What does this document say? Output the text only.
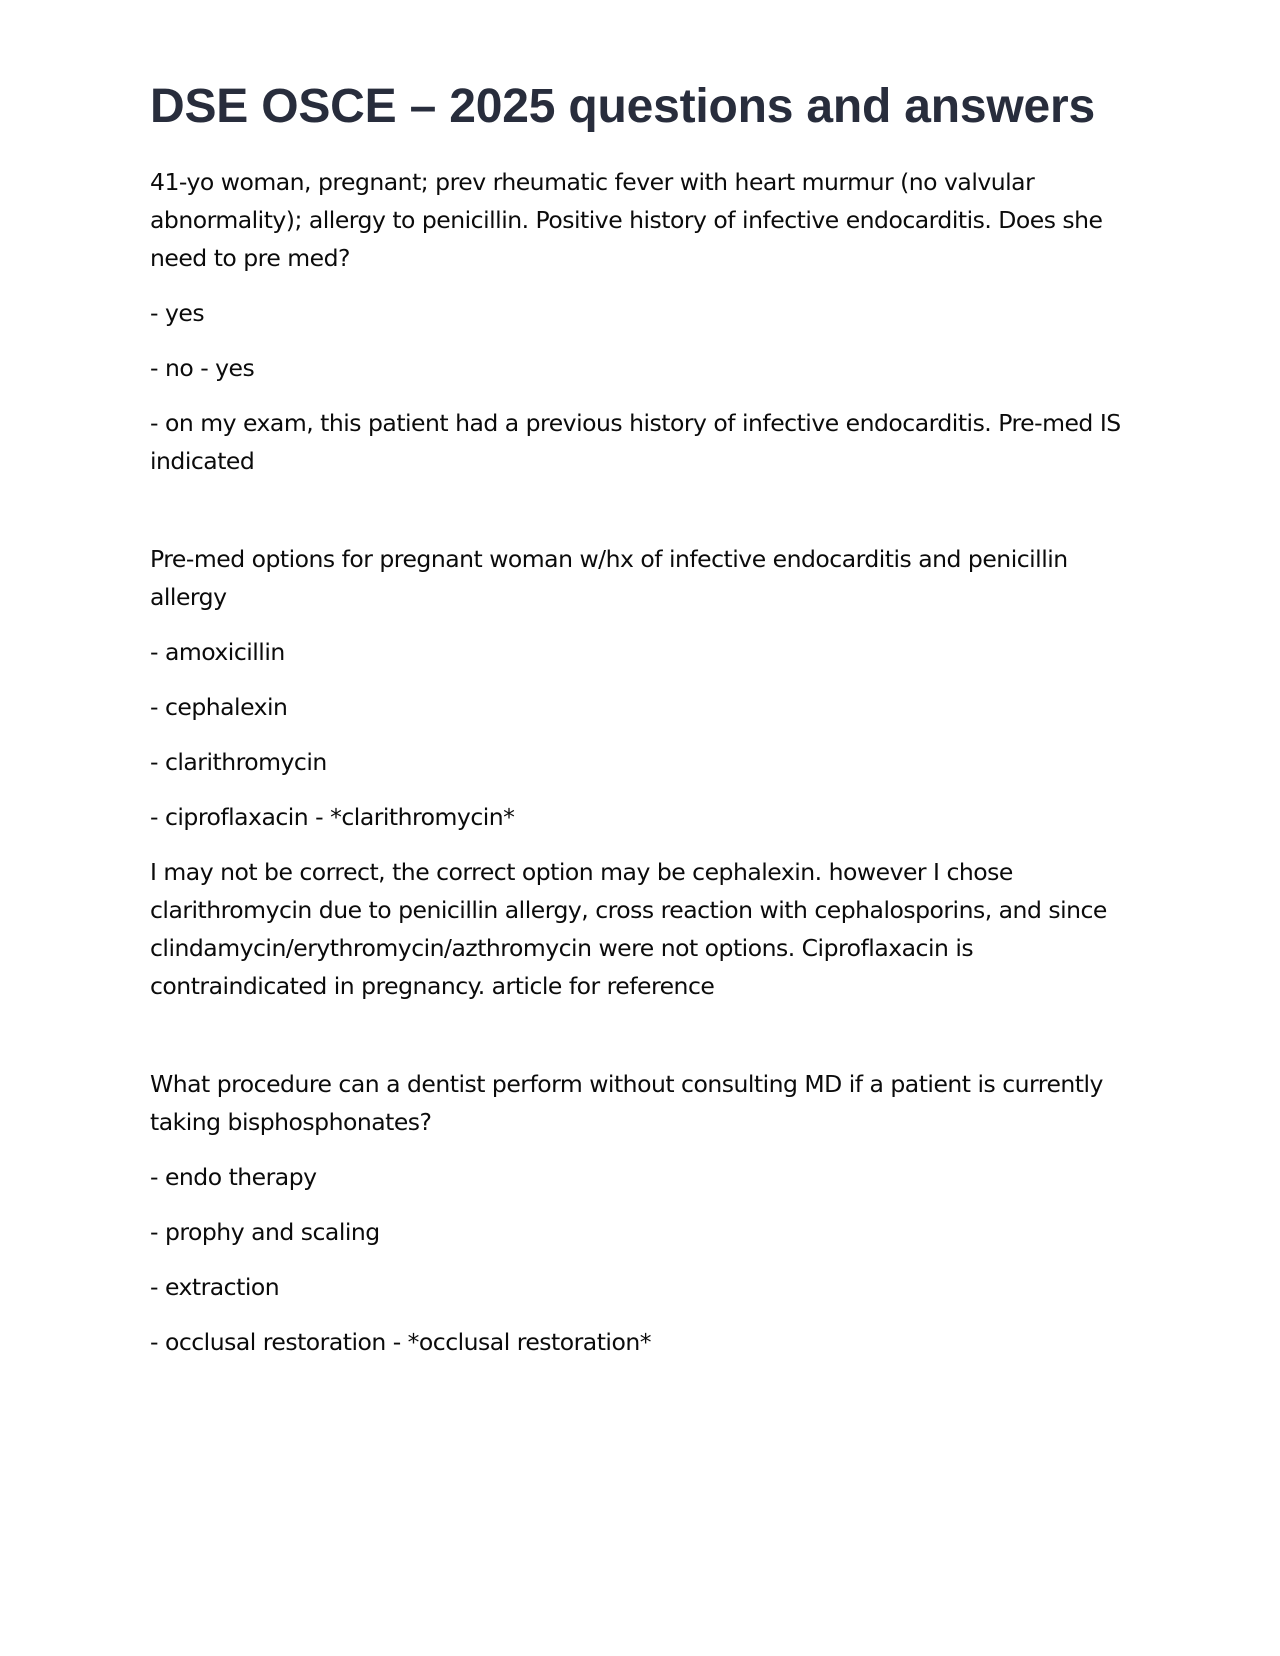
DSE OSCE – 2025 questions and answers

41-yo woman, pregnant; prev rheumatic fever with heart murmur (no valvular abnormality); allergy to penicillin. Positive history of infective endocarditis. Does she need to pre med?

- yes

- no - yes

- on my exam, this patient had a previous history of infective endocarditis. Pre-med IS indicated

Pre-med options for pregnant woman w/hx of infective endocarditis and penicillin allergy

- amoxicillin

- cephalexin

- clarithromycin

- ciproflaxacin - *clarithromycin*

I may not be correct, the correct option may be cephalexin. however I chose clarithromycin due to penicillin allergy, cross reaction with cephalosporins, and since clindamycin/erythromycin/azthromycin were not options. Ciproflaxacin is contraindicated in pregnancy. article for reference

What procedure can a dentist perform without consulting MD if a patient is currently taking bisphosphonates?

- endo therapy

- prophy and scaling

- extraction

- occlusal restoration - *occlusal restoration*
